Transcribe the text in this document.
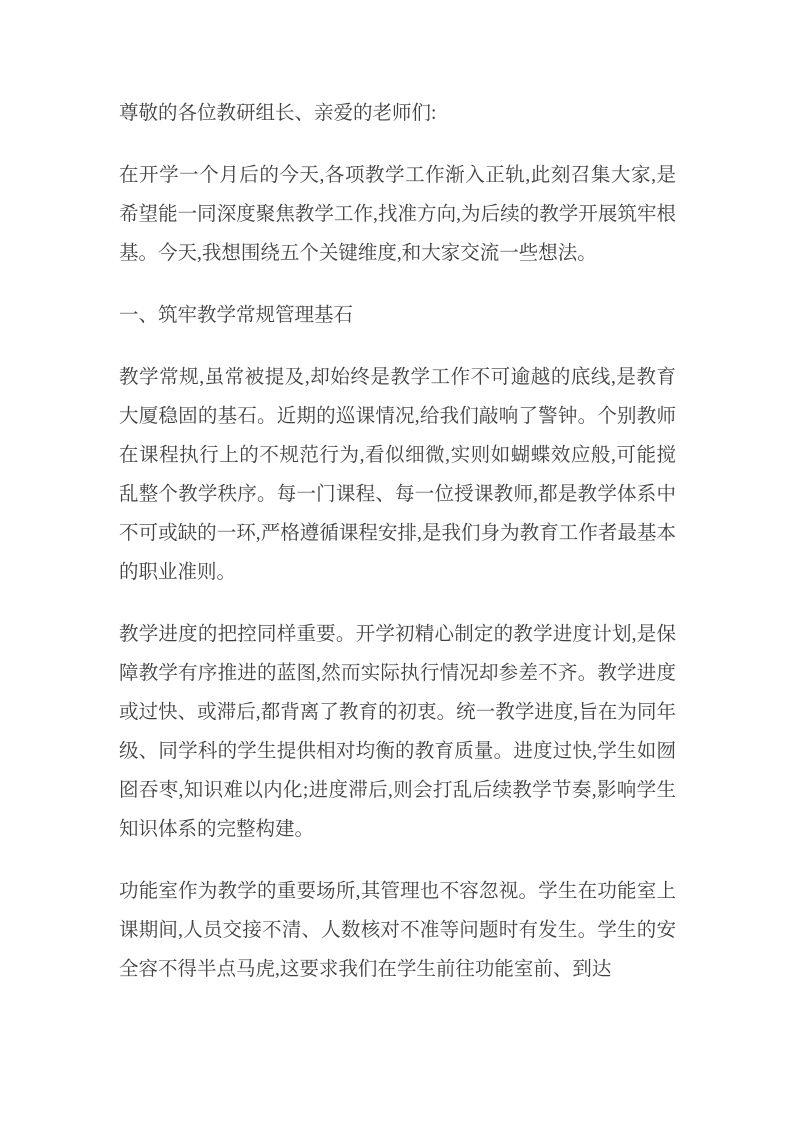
尊敬的各位教研组长、亲爱的老师们:

在开学一个月后的今天,各项教学工作渐入正轨,此刻召集大家,是希望能一同深度聚焦教学工作,找准方向,为后续的教学开展筑牢根基。今天,我想围绕五个关键维度,和大家交流一些想法。

一、筑牢教学常规管理基石

教学常规,虽常被提及,却始终是教学工作不可逾越的底线,是教育大厦稳固的基石。近期的巡课情况,给我们敲响了警钟。个别教师在课程执行上的不规范行为,看似细微,实则如蝴蝶效应般,可能搅乱整个教学秩序。每一门课程、每一位授课教师,都是教学体系中不可或缺的一环,严格遵循课程安排,是我们身为教育工作者最基本的职业准则。

教学进度的把控同样重要。开学初精心制定的教学进度计划,是保障教学有序推进的蓝图,然而实际执行情况却参差不齐。教学进度或过快、或滞后,都背离了教育的初衷。统一教学进度,旨在为同年级、同学科的学生提供相对均衡的教育质量。进度过快,学生如囫囵吞枣,知识难以内化;进度滞后,则会打乱后续教学节奏,影响学生知识体系的完整构建。

功能室作为教学的重要场所,其管理也不容忽视。学生在功能室上课期间,人员交接不清、人数核对不准等问题时有发生。学生的安全容不得半点马虎,这要求我们在学生前往功能室前、到达
